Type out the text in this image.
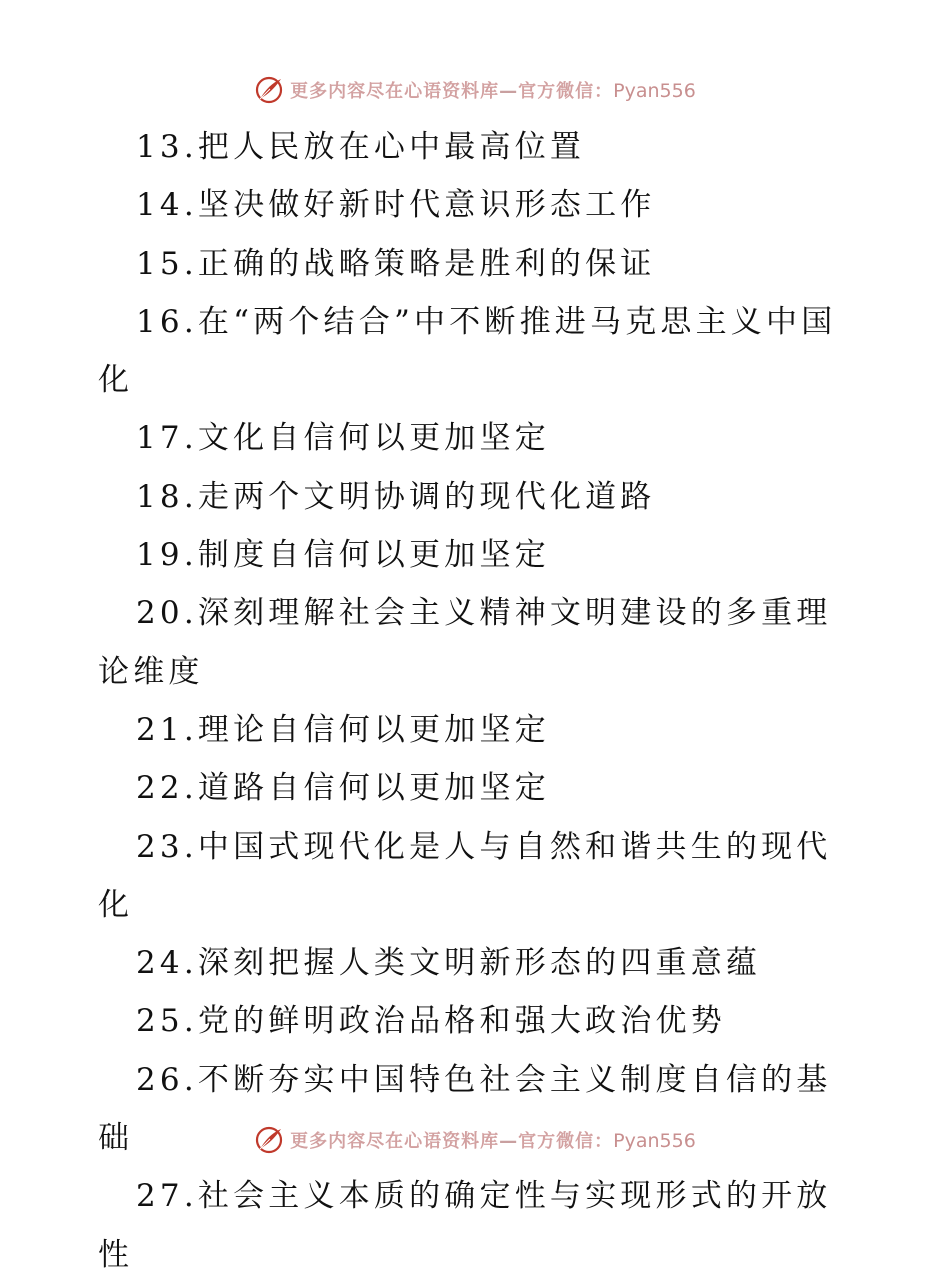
更多内容尽在心语资料库—官方微信：Pyan556

13.把人民放在心中最高位置

14.坚决做好新时代意识形态工作

15.正确的战略策略是胜利的保证

16.在“两个结合”中不断推进马克思主义中国化

17.文化自信何以更加坚定

18.走两个文明协调的现代化道路

19.制度自信何以更加坚定

20.深刻理解社会主义精神文明建设的多重理论维度

21.理论自信何以更加坚定

22.道路自信何以更加坚定

23.中国式现代化是人与自然和谐共生的现代化

24.深刻把握人类文明新形态的四重意蕴

25.党的鲜明政治品格和强大政治优势

26.不断夯实中国特色社会主义制度自信的基础

27.社会主义本质的确定性与实现形式的开放性

更多内容尽在心语资料库—官方微信：Pyan556
